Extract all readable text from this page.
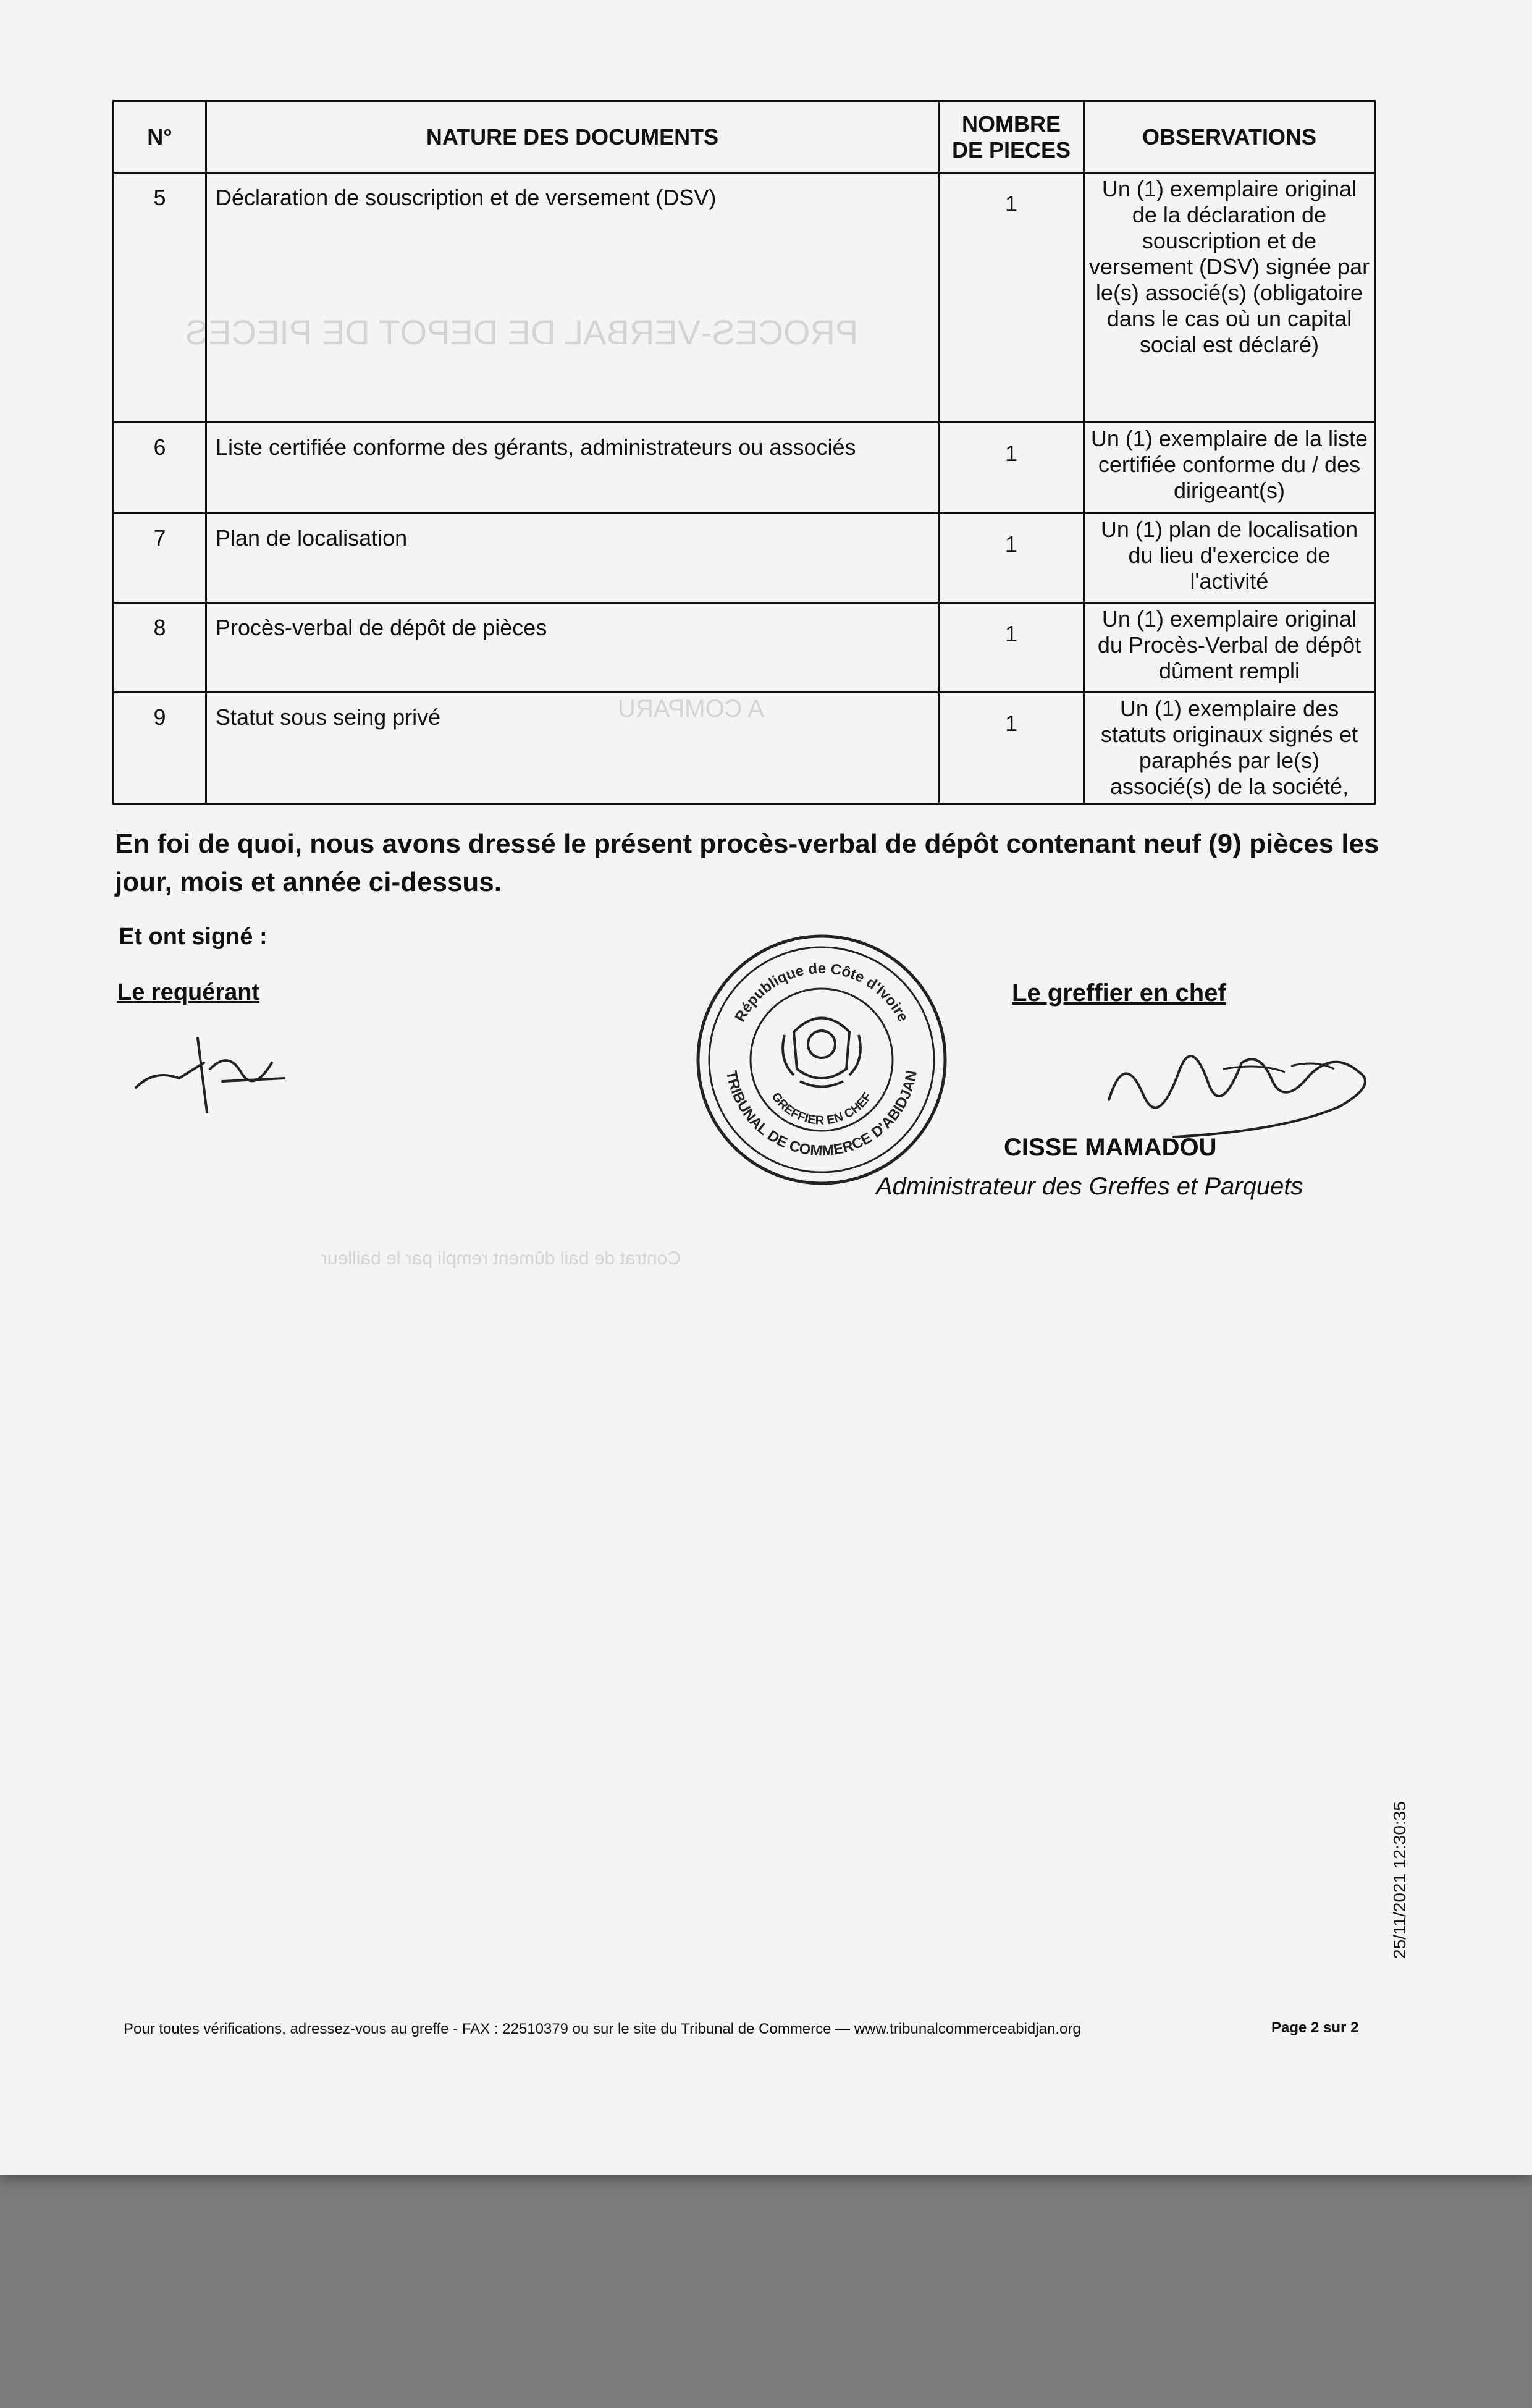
PROCES-VERBAL DE DEPOT DE PIECES
A COMPARU
Contrat de bail dûment rempli par le bailleur
N°	NATURE DES DOCUMENTS	NOMBRE DE PIECES	OBSERVATIONS
5	Déclaration de souscription et de versement (DSV)	1	Un (1) exemplaire original de la déclaration de souscription et de versement (DSV) signée par le(s) associé(s) (obligatoire dans le cas où un capital social est déclaré)
6	Liste certifiée conforme des gérants, administrateurs ou associés	1	Un (1) exemplaire de la liste certifiée conforme du / des dirigeant(s)
7	Plan de localisation	1	Un (1) plan de localisation du lieu d'exercice de l'activité
8	Procès-verbal de dépôt de pièces	1	Un (1) exemplaire original du Procès-Verbal de dépôt dûment rempli
9	Statut sous seing privé	1	Un (1) exemplaire des statuts originaux signés et paraphés par le(s) associé(s) de la société,
En foi de quoi, nous avons dressé le présent procès-verbal de dépôt contenant neuf (9) pièces les jour, mois et année ci-dessus.
Et ont signé :
Le requérant	Le greffier en chef
République de Côte d'Ivoire
TRIBUNAL DE COMMERCE D'ABIDJAN
GREFFIER EN CHEF
CISSE MAMADOU
Administrateur des Greffes et Parquets
25/11/2021 12:30:35
Pour toutes vérifications, adressez-vous au greffe - FAX : 22510379 ou sur le site du Tribunal de Commerce — www.tribunalcommerceabidjan.org	Page 2 sur 2
